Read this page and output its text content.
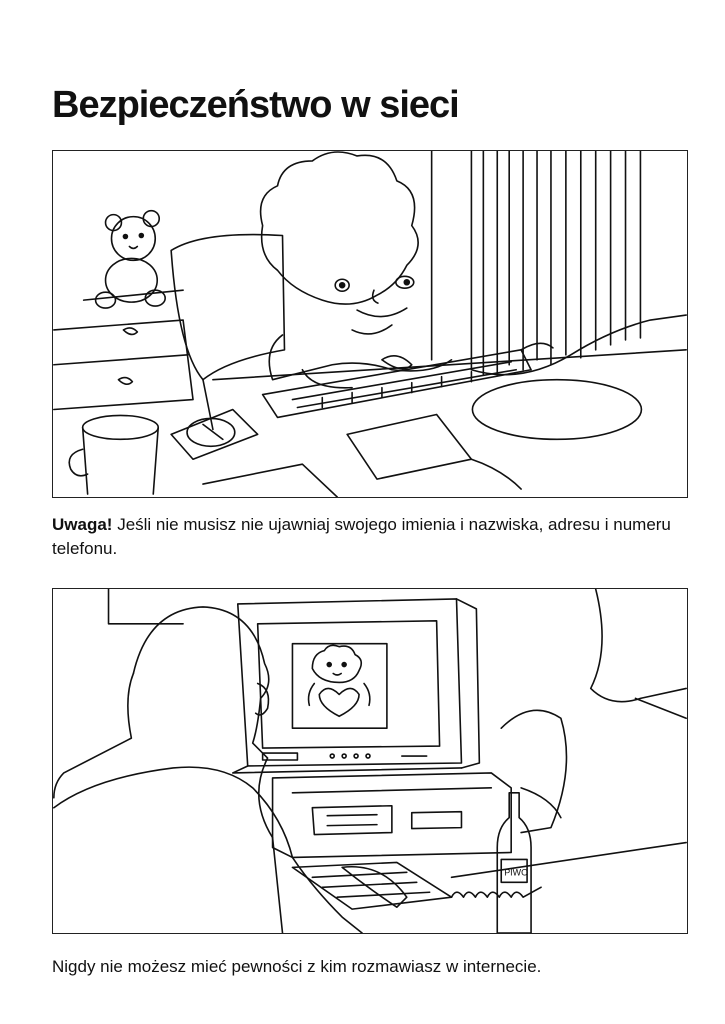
Bezpieczeństwo w sieci

Uwaga! Jeśli nie musisz nie ujawniaj swojego imienia i nazwiska, adresu i numeru telefonu.

PIWO

Nigdy nie możesz mieć pewności z kim rozmawiasz w internecie.
